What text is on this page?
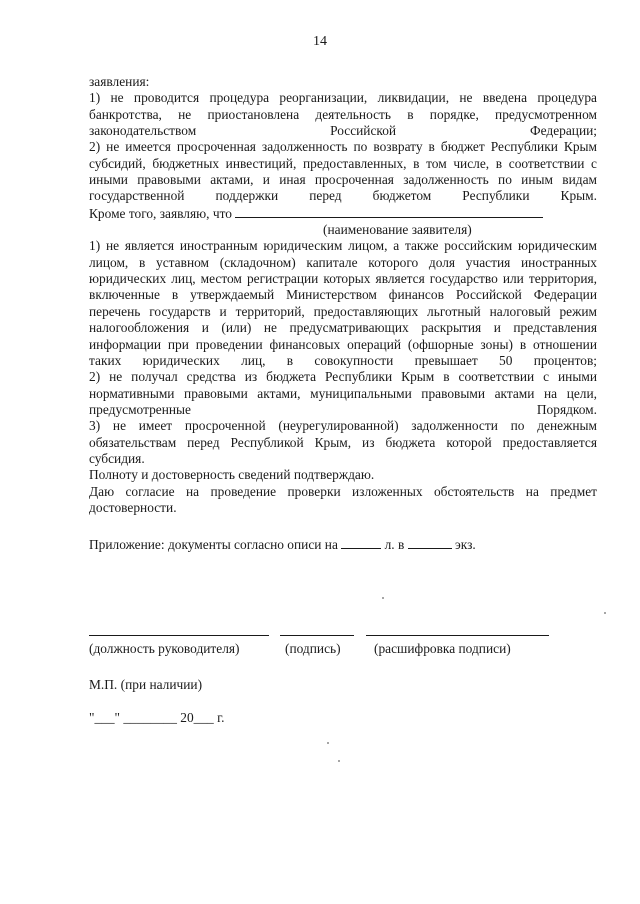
14

заявления:

1) не проводится процедура реорганизации, ликвидации, не введена процедура банкротства, не приостановлена деятельность в порядке, предусмотренном законодательством Российской Федерации;

2) не имеется просроченная задолженность по возврату в бюджет Республики Крым субсидий, бюджетных инвестиций, предоставленных, в том числе, в соответствии с иными правовыми актами, и иная просроченная задолженность по иным видам государственной поддержки перед бюджетом Республики Крым.

Кроме того, заявляю, что

(наименование заявителя)

1) не является иностранным юридическим лицом, а также российским юридическим лицом, в уставном (складочном) капитале которого доля участия иностранных юридических лиц, местом регистрации которых является государство или территория, включенные в утверждаемый Министерством финансов Российской Федерации перечень государств и территорий, предоставляющих льготный налоговый режим налогообложения и (или) не предусматривающих раскрытия и представления информации при проведении финансовых операций (офшорные зоны) в отношении таких юридических лиц, в совокупности превышает 50 процентов;

2) не получал средства из бюджета Республики Крым в соответствии с иными нормативными правовыми актами, муниципальными правовыми актами на цели, предусмотренные Порядком.

3) не имеет просроченной (неурегулированной) задолженности по денежным обязательствам перед Республикой Крым, из бюджета которой предоставляется субсидия.

Полноту и достоверность сведений подтверждаю.

Даю согласие на проведение проверки изложенных обстоятельств на предмет достоверности.

Приложение: документы согласно описи на	л. в	экз.

(должность руководителя)	(подпись) (расшифровка подписи)
М.П. (при наличии)
"___" ________ 20___ г.
